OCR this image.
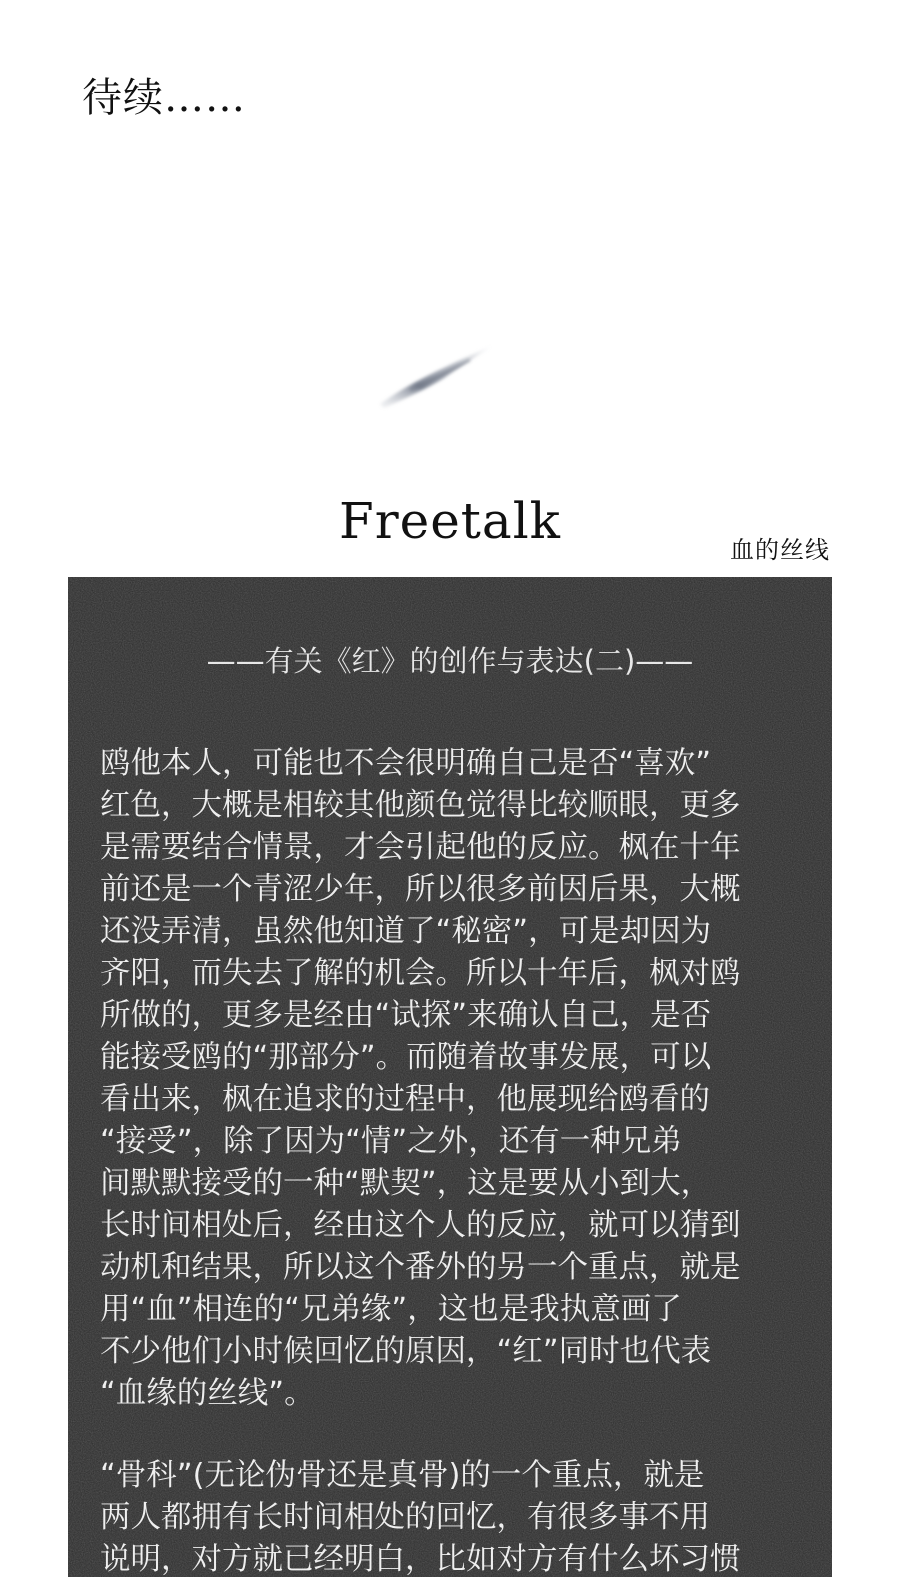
待续……
Freetalk	血的丝线
——有关《红》的创作与表达(二)——
鸥他本人，可能也不会很明确自己是否“喜欢”
红色，大概是相较其他颜色觉得比较顺眼，更多
是需要结合情景，才会引起他的反应。枫在十年
前还是一个青涩少年，所以很多前因后果，大概
还没弄清，虽然他知道了“秘密”，可是却因为
齐阳，而失去了解的机会。所以十年后，枫对鸥
所做的，更多是经由“试探”来确认自己，是否
能接受鸥的“那部分”。而随着故事发展，可以
看出来，枫在追求的过程中，他展现给鸥看的
“接受”，除了因为“情”之外，还有一种兄弟
间默默接受的一种“默契”，这是要从小到大，
长时间相处后，经由这个人的反应，就可以猜到
动机和结果，所以这个番外的另一个重点，就是
用“血”相连的“兄弟缘”，这也是我执意画了
不少他们小时候回忆的原因，“红”同时也代表
“血缘的丝线”。
“骨科”(无论伪骨还是真骨)的一个重点，就是
两人都拥有长时间相处的回忆，有很多事不用
说明，对方就已经明白，比如对方有什么坏习惯
